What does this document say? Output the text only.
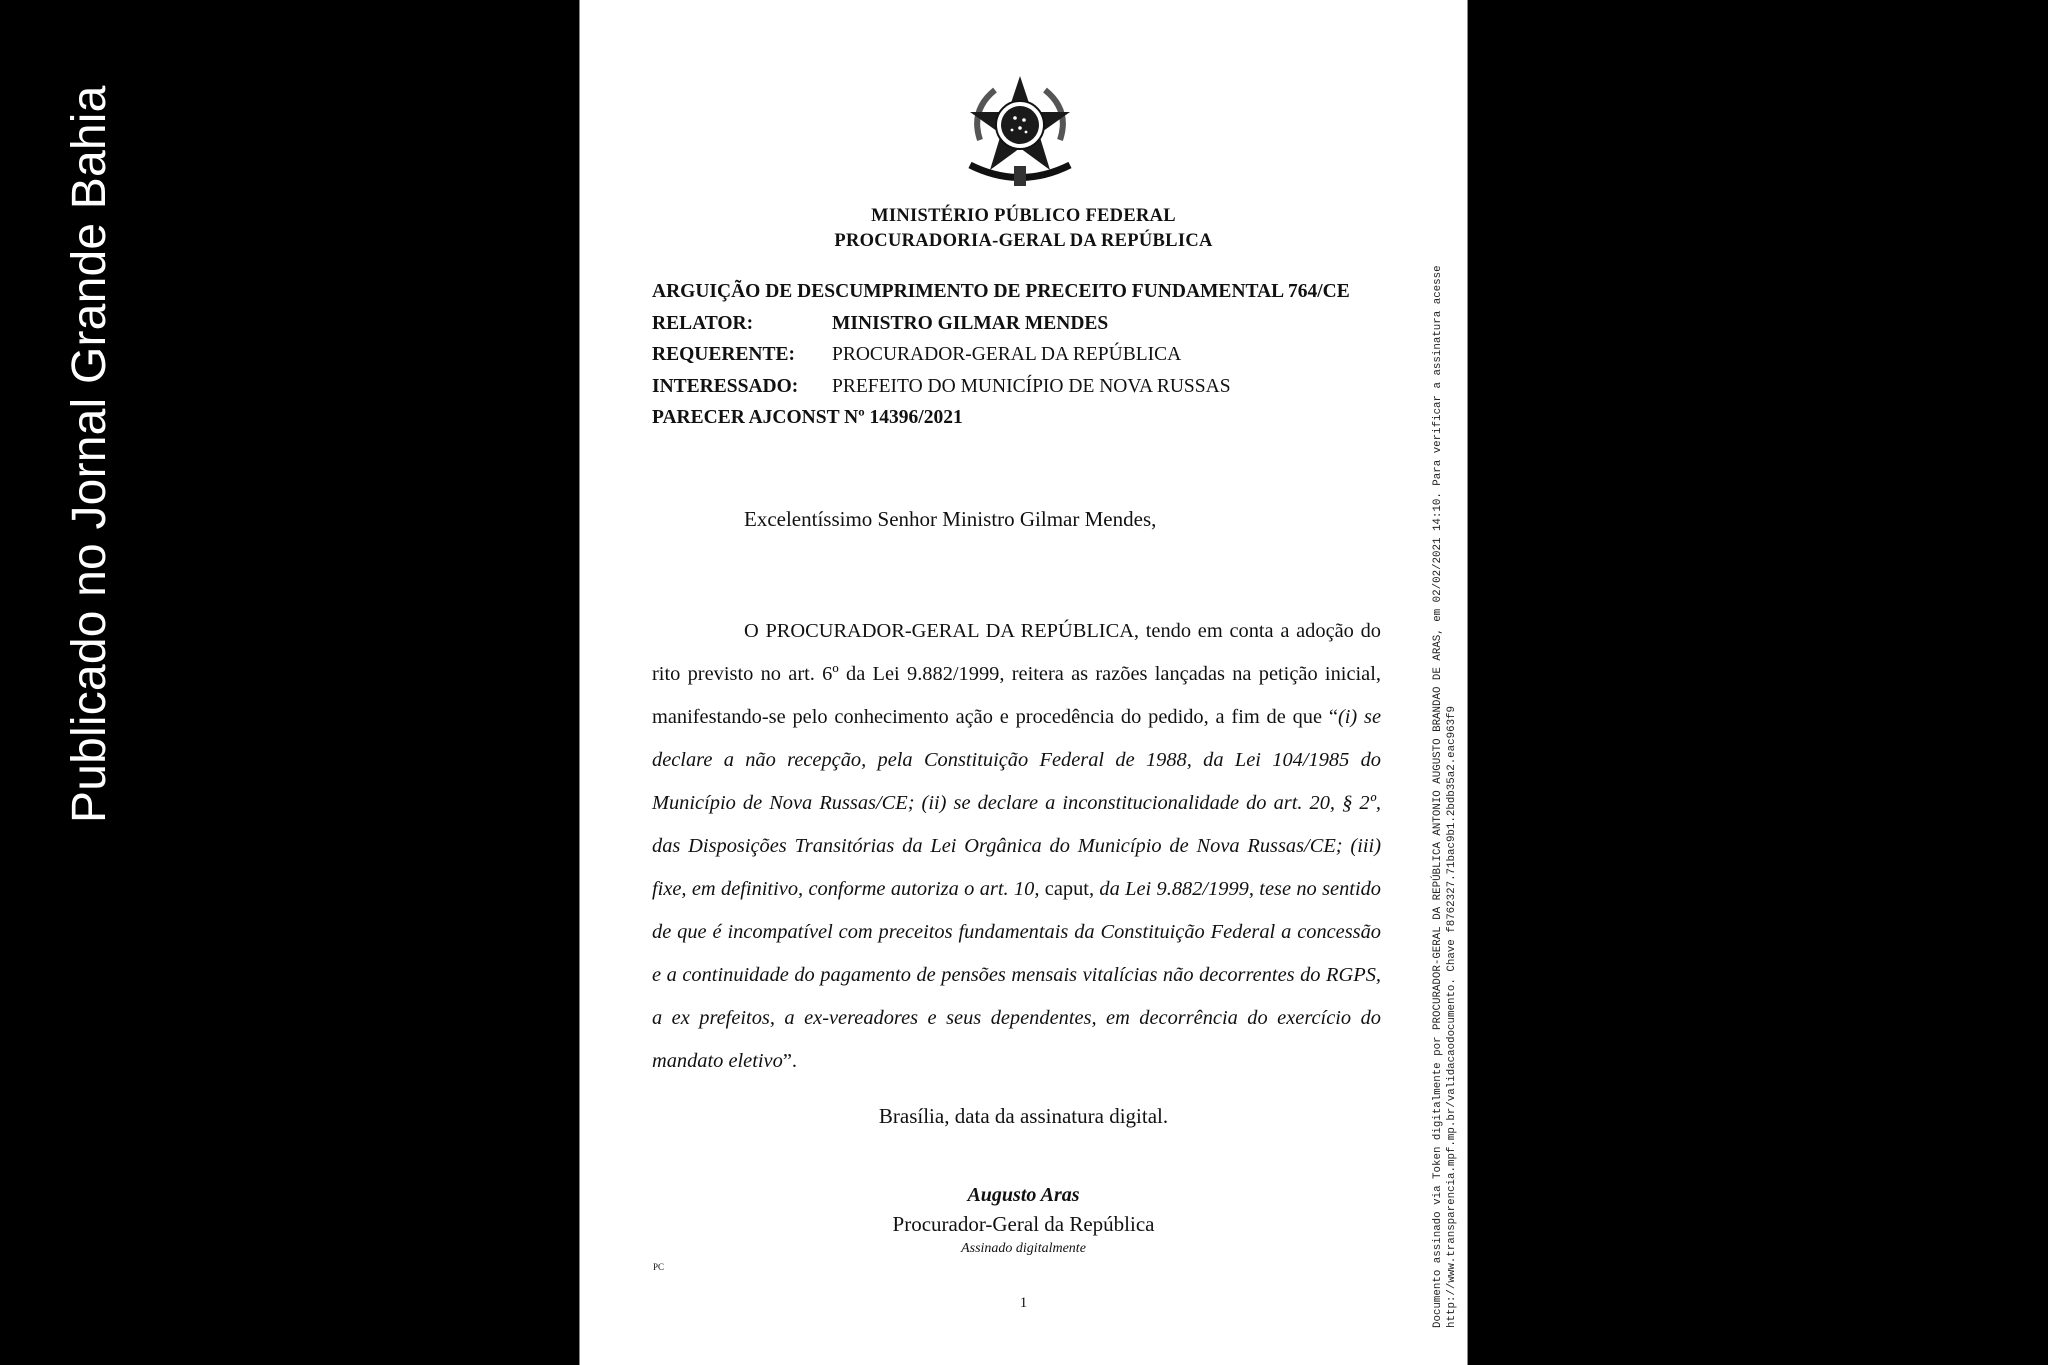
Publicado no Jornal Grande Bahia	MINISTÉRIO PÚBLICO FEDERAL
PROCURADORIA-GERAL DA REPÚBLICA
ARGUIÇÃO DE DESCUMPRIMENTO DE PRECEITO FUNDAMENTAL 764/CE
RELATOR:	MINISTRO GILMAR MENDES
REQUERENTE:	PROCURADOR-GERAL DA REPÚBLICA
INTERESSADO:	PREFEITO DO MUNICÍPIO DE NOVA RUSSAS
PARECER AJCONST Nº 14396/2021
Excelentíssimo Senhor Ministro Gilmar Mendes,
O PROCURADOR-GERAL DA REPÚBLICA, tendo em conta a adoção do rito previsto no art. 6º da Lei 9.882/1999, reitera as razões lançadas na petição inicial, manifestando-se pelo conhecimento ação e procedência do pedido, a fim de que “(i) se declare a não recepção, pela Constituição Federal de 1988, da Lei 104/1985 do Município de Nova Russas/CE; (ii) se declare a inconstitucionalidade do art. 20, § 2º, das Disposições Transitórias da Lei Orgânica do Município de Nova Russas/CE; (iii) fixe, em definitivo, conforme autoriza o art. 10, caput, da Lei 9.882/1999, tese no sentido de que é incompatível com preceitos fundamentais da Constituição Federal a concessão e a continuidade do pagamento de pensões mensais vitalícias não decorrentes do RGPS, a ex prefeitos, a ex-vereadores e seus dependentes, em decorrência do exercício do mandato eletivo”.
Brasília, data da assinatura digital.
Augusto Aras
Procurador-Geral da República
Assinado digitalmente
PC
1	Documento assinado via Token digitalmente por PROCURADOR-GERAL DA REPÚBLICA ANTONIO AUGUSTO BRANDAO DE ARAS, em 02/02/2021 14:10. Para verificar a assinatura acesse http://www.transparencia.mpf.mp.br/validacaodocumento. Chave f8762327.71bac9b1.2bdb35a2.eac963f9
